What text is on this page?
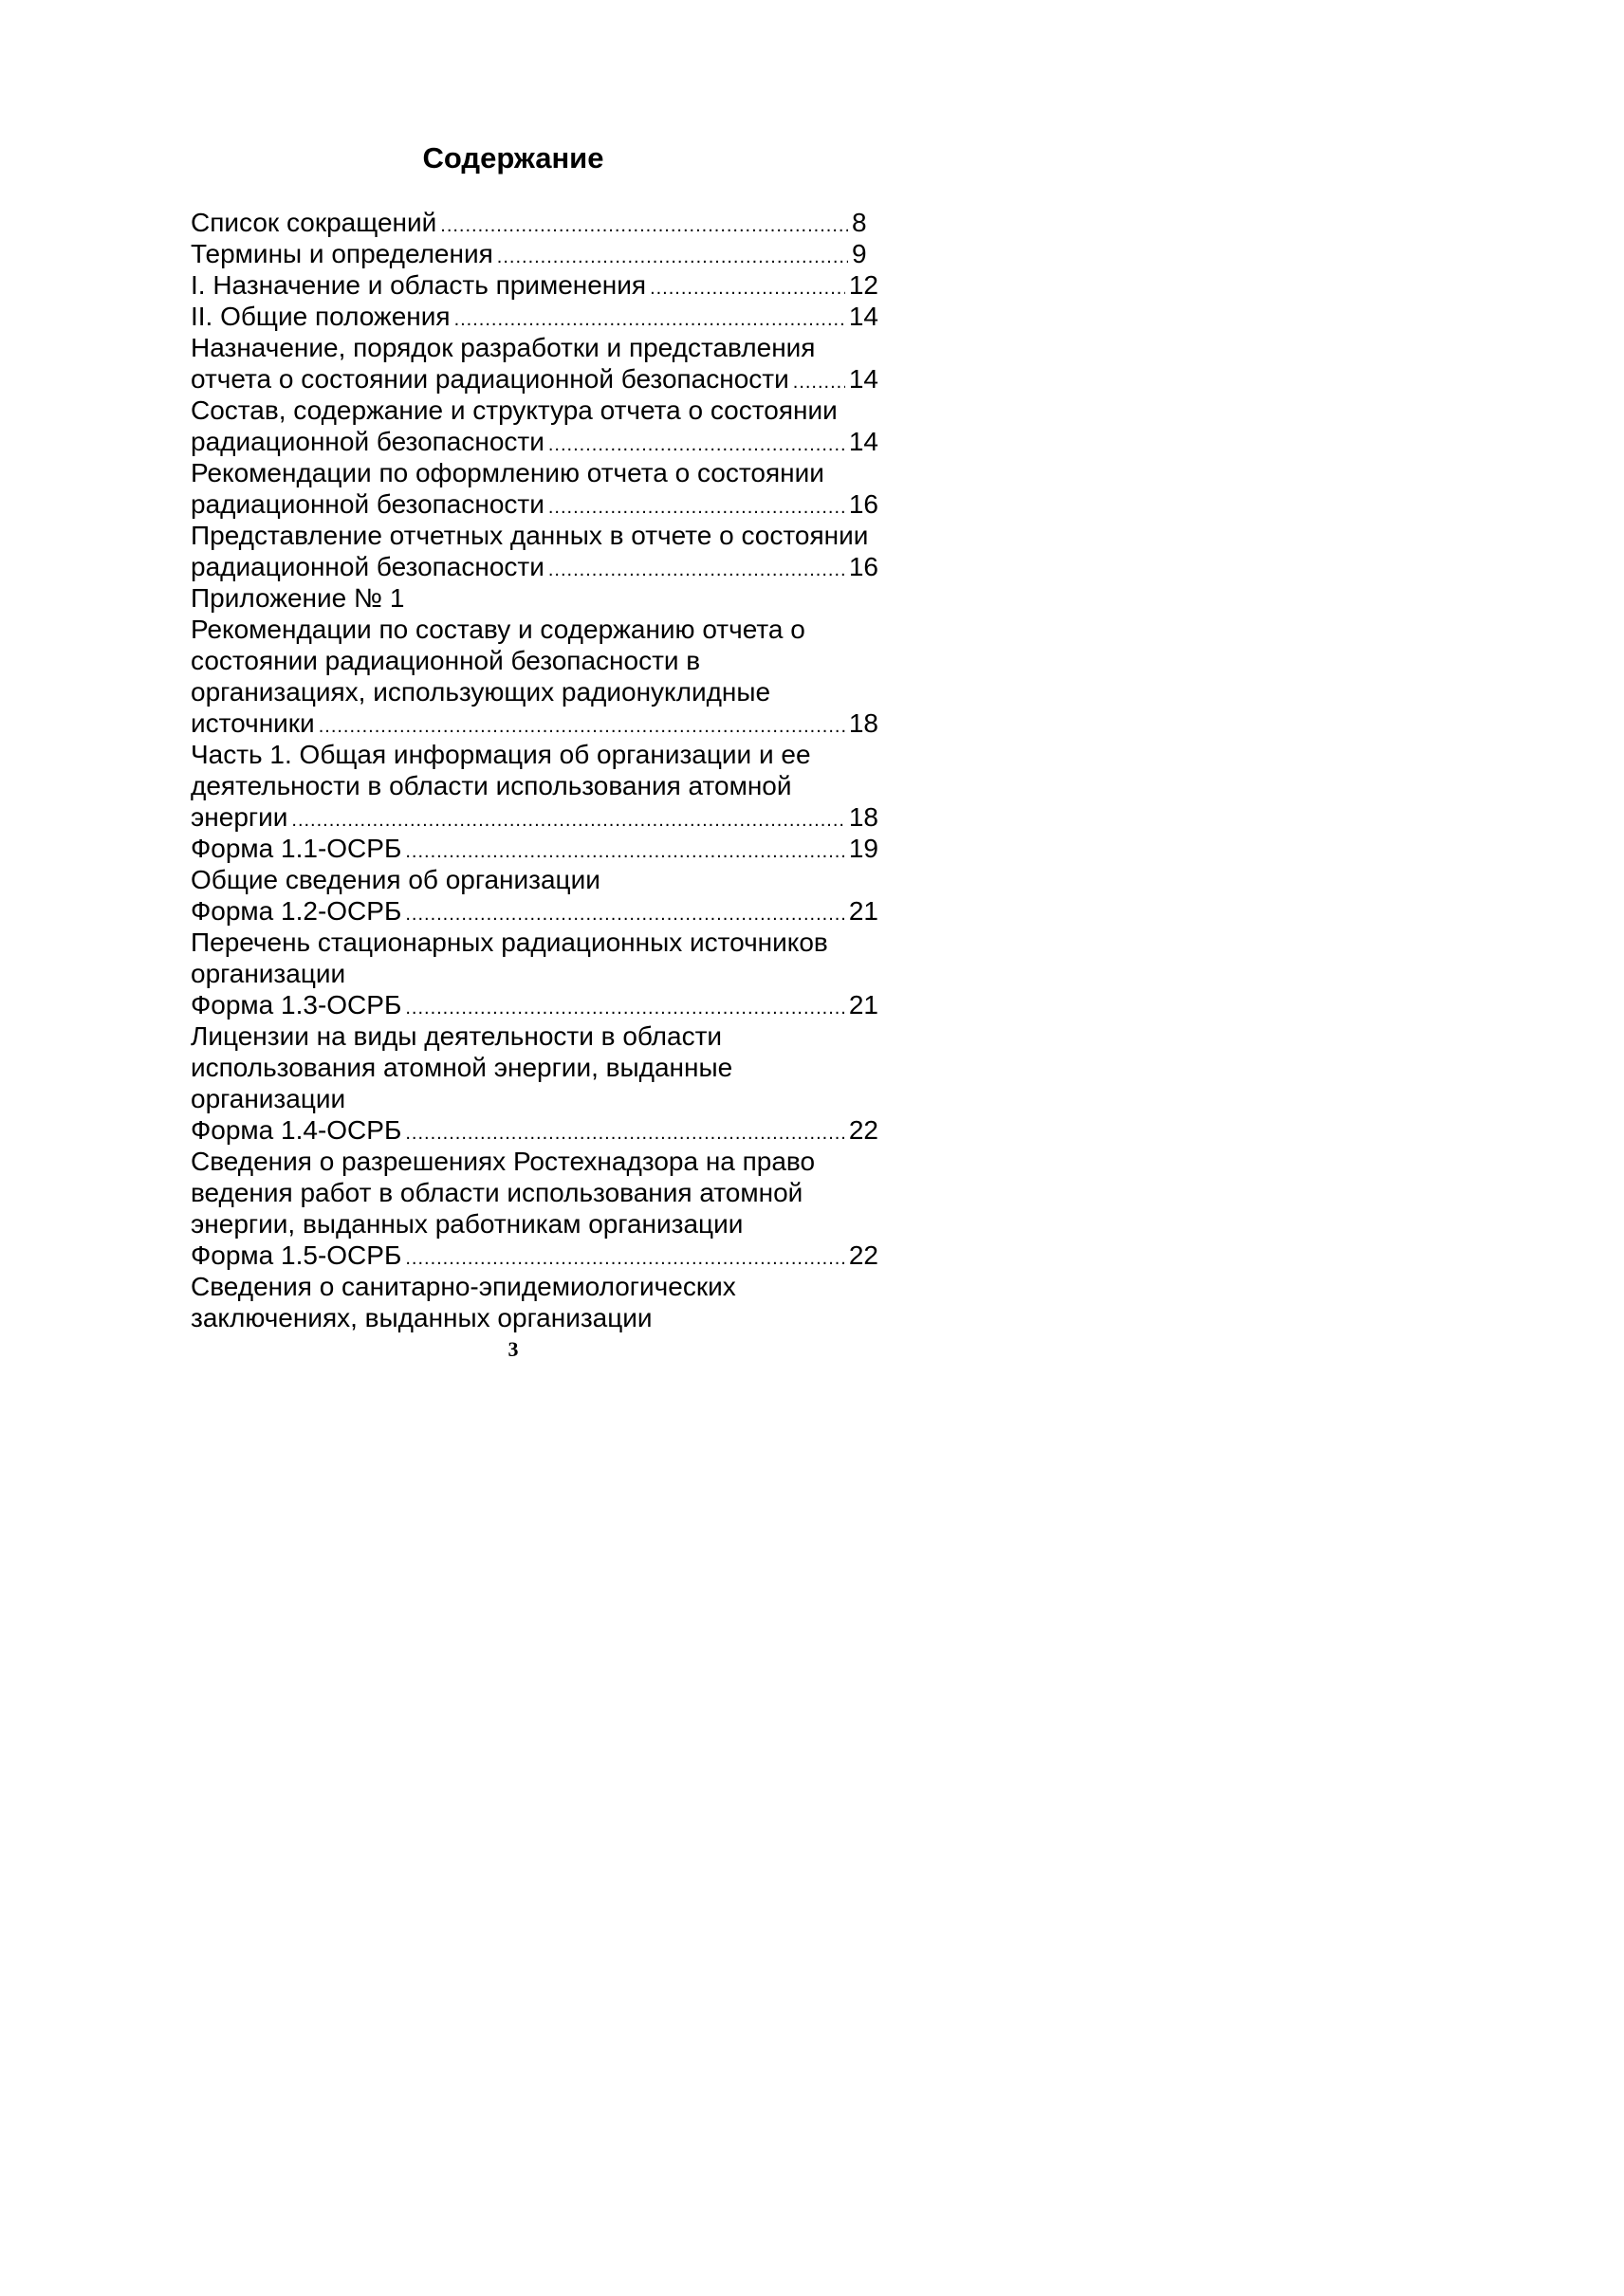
Содержание
Список сокращений .....	8
Термины и определения .....	9
I. Назначение и область применения .....	12
II. Общие положения .....	14
Назначение, порядок разработки и представления
отчета о состоянии радиационной безопасности ..... 14
Состав, содержание и структура отчета о состоянии
радиационной безопасности .....	14
Рекомендации по оформлению отчета о состоянии
радиационной безопасности .....	16
Представление отчетных данных в отчете о состоянии
радиационной безопасности .....	16
Приложение № 1
Рекомендации по составу и содержанию отчета о
состоянии радиационной безопасности в
организациях, использующих радионуклидные
источники .....	18
Часть 1. Общая информация об организации и ее
деятельности в области использования атомной
энергии .....	18
Форма 1.1-ОСРБ .....	19
Общие сведения об организации
Форма 1.2-ОСРБ .....	21
Перечень стационарных радиационных источников
организации
Форма 1.3-ОСРБ .....	21
Лицензии на виды деятельности в области
использования атомной энергии, выданные
организации
Форма 1.4-ОСРБ .....	22
Сведения о разрешениях Ростехнадзора на право
ведения работ в области использования атомной
энергии, выданных работникам организации
Форма 1.5-ОСРБ .....	22
Сведения о санитарно-эпидемиологических
заключениях, выданных организации
3
